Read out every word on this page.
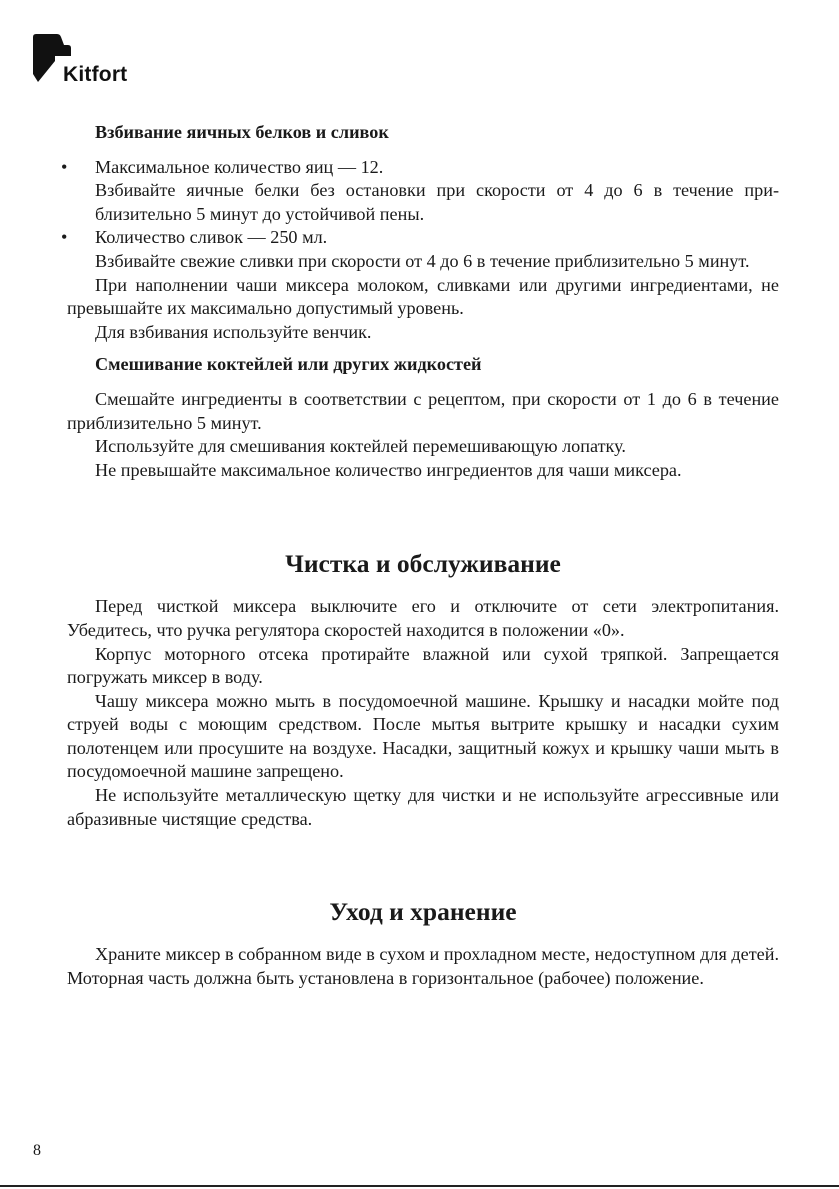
Kitfort
Взбивание яичных белков и сливок
• Максимальное количество яиц — 12.
Взбивайте яичные белки без остановки при скорости от 4 до 6 в течение приблизительно 5 минут до устойчивой пены.
• Количество сливок — 250 мл.
Взбивайте свежие сливки при скорости от 4 до 6 в течение приблизительно 5 минут.

При наполнении чаши миксера молоком, сливками или другими ингредиентами, не превышайте их максимально допустимый уровень.

Для взбивания используйте венчик.

Смешивание коктейлей или других жидкостей

Смешайте ингредиенты в соответствии с рецептом, при скорости от 1 до 6 в течение приблизительно 5 минут.

Используйте для смешивания коктейлей перемешивающую лопатку.

Не превышайте максимальное количество ингредиентов для чаши миксера.

Чистка и обслуживание

Перед чисткой миксера выключите его и отключите от сети электропитания. Убедитесь, что ручка регулятора скоростей находится в положении «0».

Корпус моторного отсека протирайте влажной или сухой тряпкой. Запрещается погружать миксер в воду.

Чашу миксера можно мыть в посудомоечной машине. Крышку и насадки мойте под струей воды с моющим средством. После мытья вытрите крышку и насадки сухим полотенцем или просушите на воздухе. Насадки, защитный кожух и крышку чаши мыть в посудомоечной машине запрещено.

Не используйте металлическую щетку для чистки и не используйте агрессивные или абразивные чистящие средства.

Уход и хранение

Храните миксер в собранном виде в сухом и прохладном месте, недоступном для детей. Моторная часть должна быть установлена в горизонтальное (рабочее) положение.

8
